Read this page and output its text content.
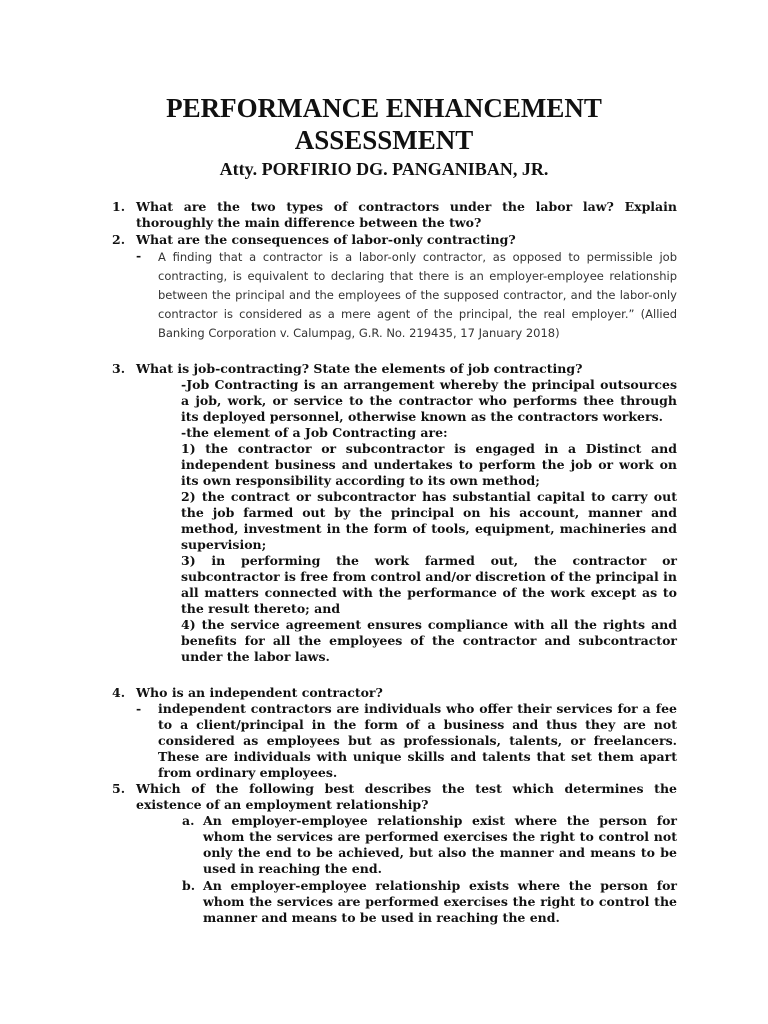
PERFORMANCE ENHANCEMENT
ASSESSMENT
Atty. PORFIRIO DG. PANGANIBAN, JR.
1. What are the two types of contractors under the labor law? Explain thoroughly the main difference between the two?
2. What are the consequences of labor-only contracting?
- A finding that a contractor is a labor-only contractor, as opposed to permissible job contracting, is equivalent to declaring that there is an employer-employee relationship between the principal and the employees of the supposed contractor, and the labor-only contractor is considered as a mere agent of the principal, the real employer.” (Allied Banking Corporation v. Calumpag, G.R. No. 219435, 17 January 2018)
3. What is job-contracting? State the elements of job contracting?

-Job Contracting is an arrangement whereby the principal outsources a job, work, or service to the contractor who performs thee through its deployed personnel, otherwise known as the contractors workers.

-the element of a Job Contracting are:

1) the contractor or subcontractor is engaged in a Distinct and independent business and undertakes to perform the job or work on its own responsibility according to its own method;

2) the contract or subcontractor has substantial capital to carry out the job farmed out by the principal on his account, manner and method, investment in the form of tools, equipment, machineries and supervision;

3) in performing the work farmed out, the contractor or subcontractor is free from control and/or discretion of the principal in all matters connected with the performance of the work except as to the result thereto; and

4) the service agreement ensures compliance with all the rights and benefits for all the employees of the contractor and subcontractor under the labor laws.

4. Who is an independent contractor?
- independent contractors are individuals who offer their services for a fee to a client/principal in the form of a business and thus they are not considered as employees but as professionals, talents, or freelancers. These are individuals with unique skills and talents that set them apart from ordinary employees.
5. Which of the following best describes the test which determines the existence of an employment relationship?
a. An employer-employee relationship exist where the person for whom the services are performed exercises the right to control not only the end to be achieved, but also the manner and means to be used in reaching the end.
b. An employer-employee relationship exists where the person for whom the services are performed exercises the right to control the manner and means to be used in reaching the end.
